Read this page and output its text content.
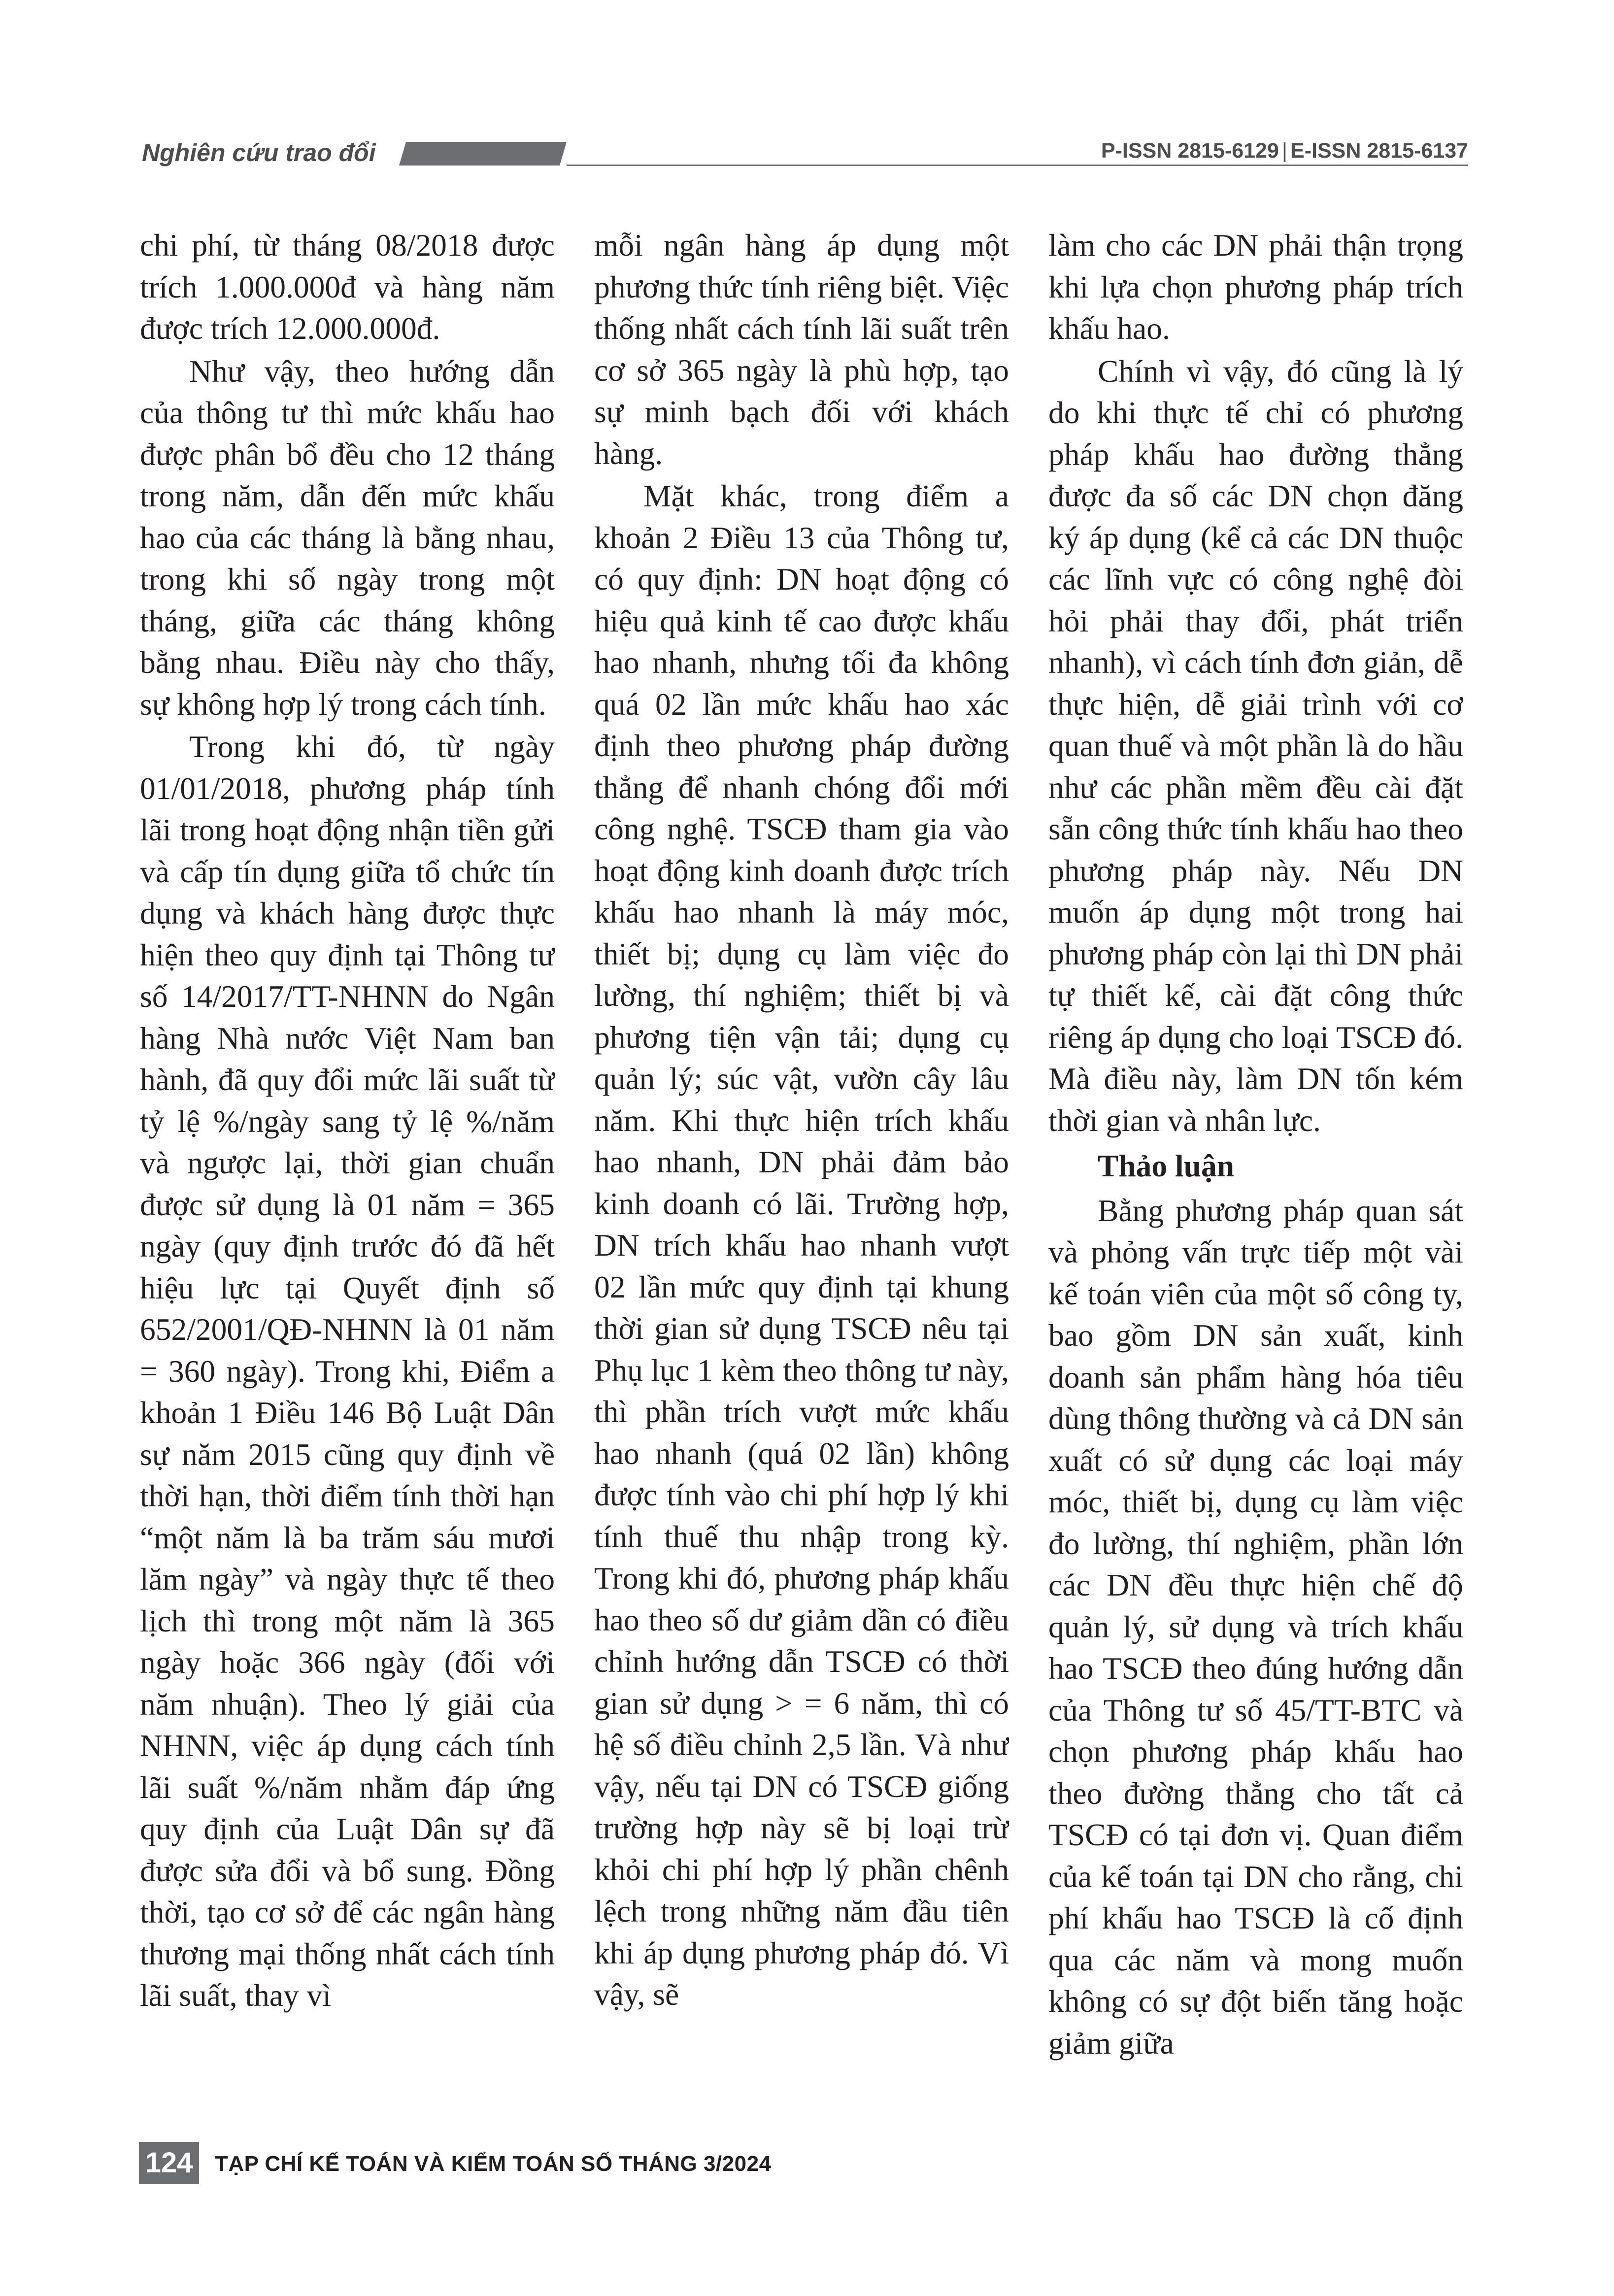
Nghiên cứu trao đổi	P-ISSN 2815-6129 | E-ISSN 2815-6137

chi phí, từ tháng 08/2018 được trích 1.000.000đ và hàng năm được trích 12.000.000đ.

Như vậy, theo hướng dẫn của thông tư thì mức khấu hao được phân bổ đều cho 12 tháng trong năm, dẫn đến mức khấu hao của các tháng là bằng nhau, trong khi số ngày trong một tháng, giữa các tháng không bằng nhau. Điều này cho thấy, sự không hợp lý trong cách tính.

Trong khi đó, từ ngày 01/01/2018, phương pháp tính lãi trong hoạt động nhận tiền gửi và cấp tín dụng giữa tổ chức tín dụng và khách hàng được thực hiện theo quy định tại Thông tư số 14/2017/TT-NHNN do Ngân hàng Nhà nước Việt Nam ban hành, đã quy đổi mức lãi suất từ tỷ lệ %/ngày sang tỷ lệ %/năm và ngược lại, thời gian chuẩn được sử dụng là 01 năm = 365 ngày (quy định trước đó đã hết hiệu lực tại Quyết định số 652/2001/QĐ-NHNN là 01 năm = 360 ngày). Trong khi, Điểm a khoản 1 Điều 146 Bộ Luật Dân sự năm 2015 cũng quy định về thời hạn, thời điểm tính thời hạn “một năm là ba trăm sáu mươi lăm ngày” và ngày thực tế theo lịch thì trong một năm là 365 ngày hoặc 366 ngày (đối với năm nhuận). Theo lý giải của NHNN, việc áp dụng cách tính lãi suất %/năm nhằm đáp ứng quy định của Luật Dân sự đã được sửa đổi và bổ sung. Đồng thời, tạo cơ sở để các ngân hàng thương mại thống nhất cách tính lãi suất, thay vì

mỗi ngân hàng áp dụng một phương thức tính riêng biệt. Việc thống nhất cách tính lãi suất trên cơ sở 365 ngày là phù hợp, tạo sự minh bạch đối với khách hàng.

Mặt khác, trong điểm a khoản 2 Điều 13 của Thông tư, có quy định: DN hoạt động có hiệu quả kinh tế cao được khấu hao nhanh, nhưng tối đa không quá 02 lần mức khấu hao xác định theo phương pháp đường thẳng để nhanh chóng đổi mới công nghệ. TSCĐ tham gia vào hoạt động kinh doanh được trích khấu hao nhanh là máy móc, thiết bị; dụng cụ làm việc đo lường, thí nghiệm; thiết bị và phương tiện vận tải; dụng cụ quản lý; súc vật, vườn cây lâu năm. Khi thực hiện trích khấu hao nhanh, DN phải đảm bảo kinh doanh có lãi. Trường hợp, DN trích khấu hao nhanh vượt 02 lần mức quy định tại khung thời gian sử dụng TSCĐ nêu tại Phụ lục 1 kèm theo thông tư này, thì phần trích vượt mức khấu hao nhanh (quá 02 lần) không được tính vào chi phí hợp lý khi tính thuế thu nhập trong kỳ. Trong khi đó, phương pháp khấu hao theo số dư giảm dần có điều chỉnh hướng dẫn TSCĐ có thời gian sử dụng > = 6 năm, thì có hệ số điều chỉnh 2,5 lần. Và như vậy, nếu tại DN có TSCĐ giống trường hợp này sẽ bị loại trừ khỏi chi phí hợp lý phần chênh lệch trong những năm đầu tiên khi áp dụng phương pháp đó. Vì vậy, sẽ

làm cho các DN phải thận trọng khi lựa chọn phương pháp trích khấu hao.

Chính vì vậy, đó cũng là lý do khi thực tế chỉ có phương pháp khấu hao đường thẳng được đa số các DN chọn đăng ký áp dụng (kể cả các DN thuộc các lĩnh vực có công nghệ đòi hỏi phải thay đổi, phát triển nhanh), vì cách tính đơn giản, dễ thực hiện, dễ giải trình với cơ quan thuế và một phần là do hầu như các phần mềm đều cài đặt sẵn công thức tính khấu hao theo phương pháp này. Nếu DN muốn áp dụng một trong hai phương pháp còn lại thì DN phải tự thiết kế, cài đặt công thức riêng áp dụng cho loại TSCĐ đó. Mà điều này, làm DN tốn kém thời gian và nhân lực.

Thảo luận

Bằng phương pháp quan sát và phỏng vấn trực tiếp một vài kế toán viên của một số công ty, bao gồm DN sản xuất, kinh doanh sản phẩm hàng hóa tiêu dùng thông thường và cả DN sản xuất có sử dụng các loại máy móc, thiết bị, dụng cụ làm việc đo lường, thí nghiệm, phần lớn các DN đều thực hiện chế độ quản lý, sử dụng và trích khấu hao TSCĐ theo đúng hướng dẫn của Thông tư số 45/TT-BTC và chọn phương pháp khấu hao theo đường thẳng cho tất cả TSCĐ có tại đơn vị. Quan điểm của kế toán tại DN cho rằng, chi phí khấu hao TSCĐ là cố định qua các năm và mong muốn không có sự đột biến tăng hoặc giảm giữa

124 TẠP CHÍ KẾ TOÁN VÀ KIỂM TOÁN SỐ THÁNG 3/2024
